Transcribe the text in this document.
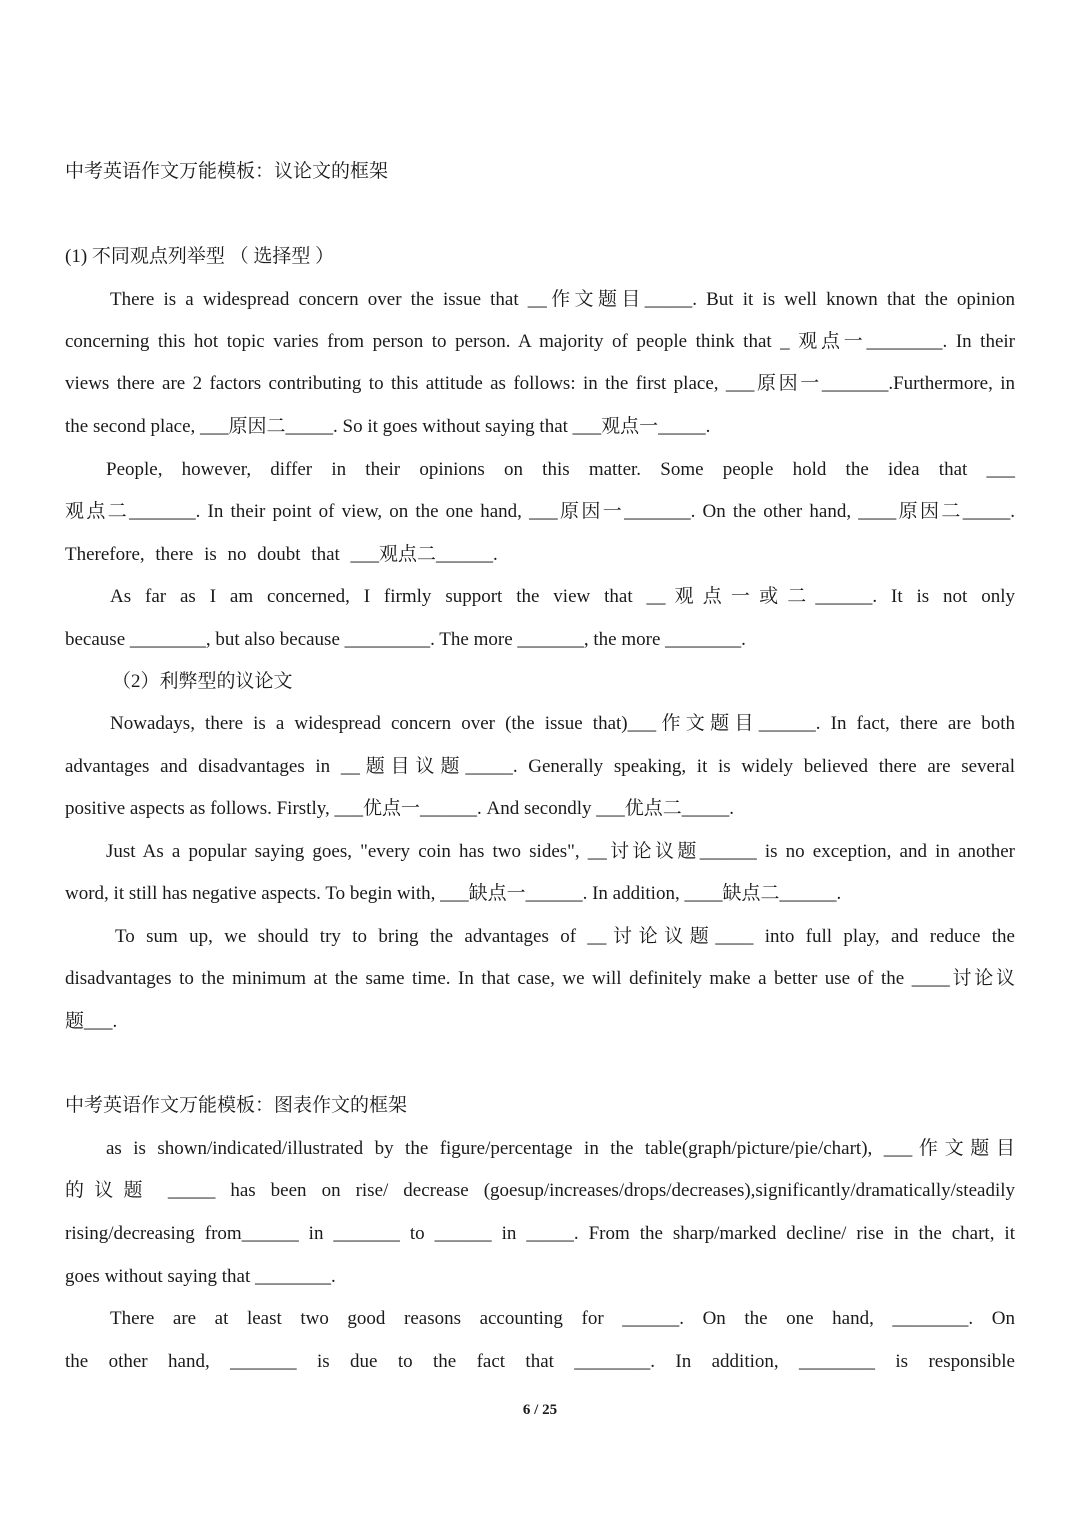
中考英语作文万能模板：议论文的框架
(1) 不同观点列举型 （ 选择型 ）
There is a widespread concern over the issue that __作文题目_____. But it is well known that the opinion
concerning this hot topic varies from person to person. A majority of people think that _ 观点一________. In their
views there are 2 factors contributing to this attitude as follows: in the first place, ___原因一_______.Furthermore, in
the second place, ___原因二_____. So it goes without saying that ___观点一_____.
People, however, differ in their opinions on this matter. Some people hold the idea that ___
观点二_______. In their point of view, on the one hand, ___原因一_______. On the other hand, ____原因二_____.
Therefore, there is no doubt that ___观点二______.
As far as I am concerned, I firmly support the view that __观点一或二______. It is not only
because ________, but also because _________. The more _______, the more ________.
（2）利弊型的议论文
Nowadays, there is a widespread concern over (the issue that)___作文题目______. In fact, there are both
advantages and disadvantages in __题目议题_____. Generally speaking, it is widely believed there are several
positive aspects as follows. Firstly, ___优点一______. And secondly ___优点二_____.
Just As a popular saying goes, "every coin has two sides", __讨论议题______ is no exception, and in another
word, it still has negative aspects. To begin with, ___缺点一______. In addition, ____缺点二______.
To sum up, we should try to bring the advantages of __讨论议题____ into full play, and reduce the
disadvantages to the minimum at the same time. In that case, we will definitely make a better use of the ____讨论议
题___.
中考英语作文万能模板：图表作文的框架
as is shown/indicated/illustrated by the figure/percentage in the table(graph/picture/pie/chart), ___作文题目
的议题 _____ has been on rise/ decrease (goesup/increases/drops/decreases),significantly/dramatically/steadily
rising/decreasing from______ in _______ to ______ in _____. From the sharp/marked decline/ rise in the chart, it
goes without saying that ________.
There are at least two good reasons accounting for ______. On the one hand, ________. On
the other hand, _______ is due to the fact that ________. In addition, ________ is responsible
6 / 25
